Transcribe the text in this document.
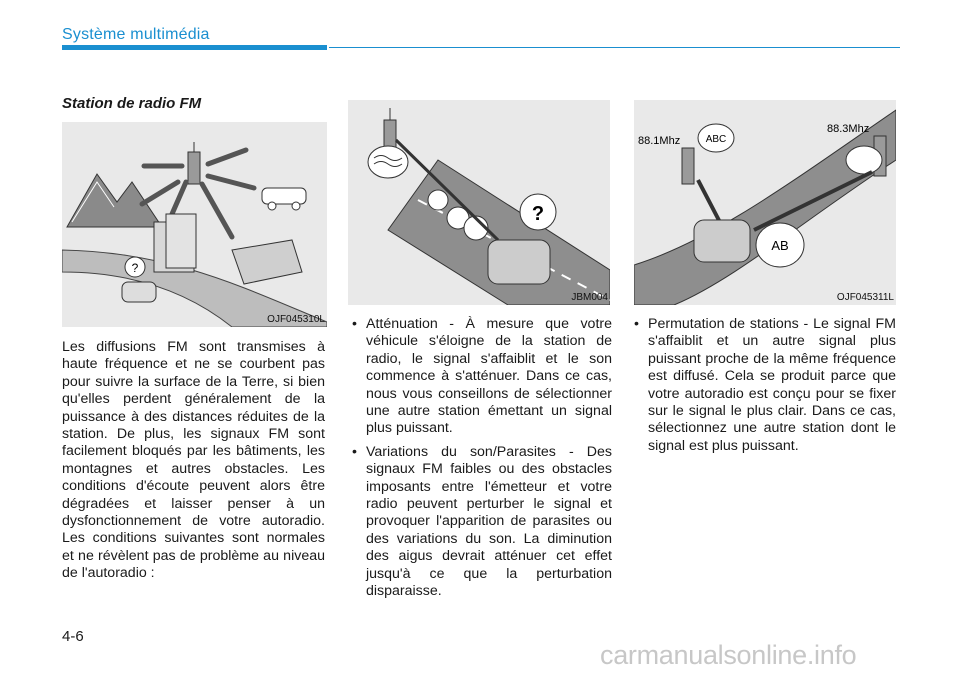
Système multimédia
Station de radio FM
?
OJF045310L
?
JBM004
88.1Mhz	ABC
88.3Mhz
AB
OJF045311L
Les diffusions FM sont transmises à haute fréquence et ne se courbent pas pour suivre la surface de la Terre, si bien qu'elles perdent généralement de la puissance à des distances réduites de la station. De plus, les signaux FM sont facilement bloqués par les bâtiments, les montagnes et autres obstacles. Les conditions d'écoute peuvent alors être dégradées et laisser penser à un dysfonctionnement de votre autoradio. Les conditions suivantes sont normales et ne révèlent pas de problème au niveau de l'autoradio :
• Atténuation - À mesure que votre véhicule s'éloigne de la station de radio, le signal s'affaiblit et le son commence à s'atténuer. Dans ce cas, nous vous conseillons de sélectionner une autre station émettant un signal plus puissant.
• Variations du son/Parasites - Des signaux FM faibles ou des obstacles imposants entre l'émetteur et votre radio peuvent perturber le signal et provoquer l'apparition de parasites ou des variations du son. La diminution des aigus devrait atténuer cet effet jusqu'à ce que la perturbation disparaisse.
• Permutation de stations - Le signal FM s'affaiblit et un autre signal plus puissant proche de la même fréquence est diffusé. Cela se produit parce que votre autoradio est conçu pour se fixer sur le signal le plus clair. Dans ce cas, sélectionnez une autre station dont le signal est plus puissant.
4-6
carmanualsonline.info
